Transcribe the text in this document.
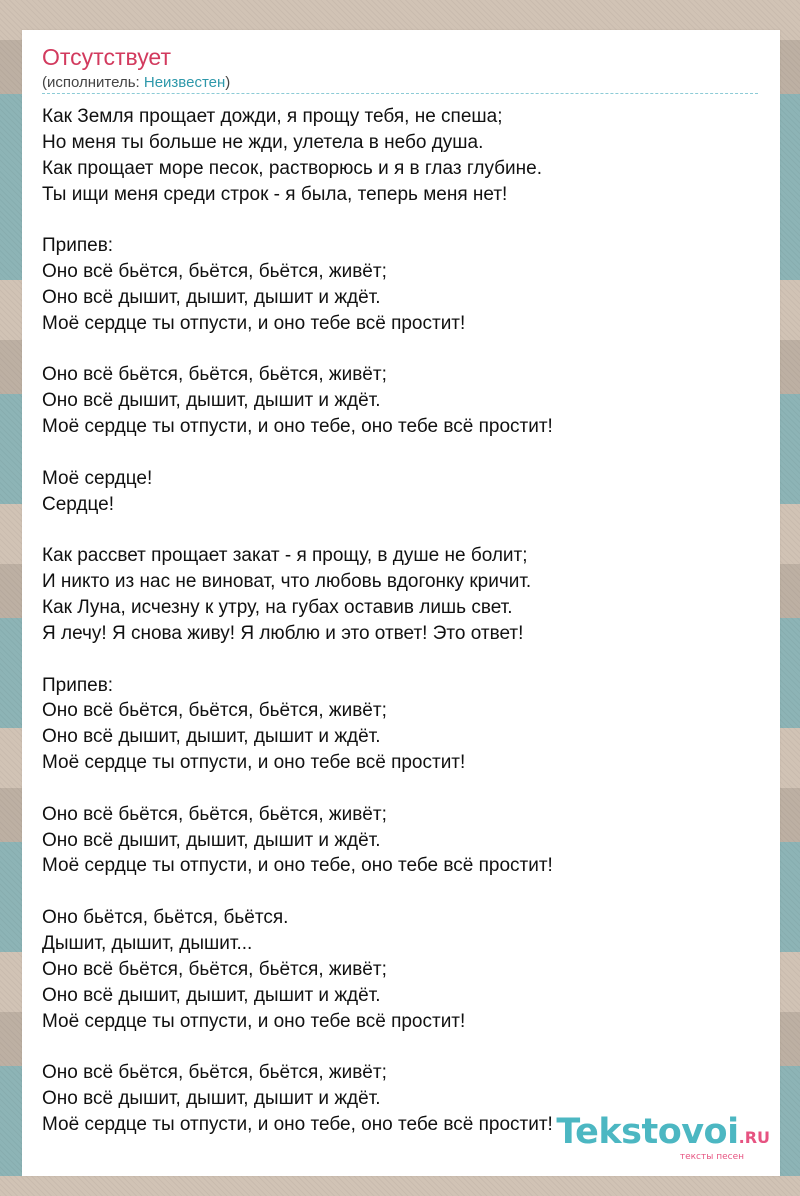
Отсутствует
(исполнитель: Неизвестен)
Как Земля прощает дожди, я прощу тебя, не спеша;
Но меня ты больше не жди, улетела в небо душа.
Как прощает море песок, растворюсь и я в глаз глубине.
Ты ищи меня среди строк - я была, теперь меня нет!
Припев:
Оно всё бьётся, бьётся, бьётся, живёт;
Оно всё дышит, дышит, дышит и ждёт.
Моё сердце ты отпусти, и оно тебе всё простит!
Оно всё бьётся, бьётся, бьётся, живёт;
Оно всё дышит, дышит, дышит и ждёт.
Моё сердце ты отпусти, и оно тебе, оно тебе всё простит!
Моё сердце!
Сердце!
Как рассвет прощает закат - я прощу, в душе не болит;
И никто из нас не виноват, что любовь вдогонку кричит.
Как Луна, исчезну к утру, на губах оставив лишь свет.
Я лечу! Я снова живу! Я люблю и это ответ! Это ответ!
Припев:
Оно всё бьётся, бьётся, бьётся, живёт;
Оно всё дышит, дышит, дышит и ждёт.
Моё сердце ты отпусти, и оно тебе всё простит!
Оно всё бьётся, бьётся, бьётся, живёт;
Оно всё дышит, дышит, дышит и ждёт.
Моё сердце ты отпусти, и оно тебе, оно тебе всё простит!
Оно бьётся, бьётся, бьётся.
Дышит, дышит, дышит...
Оно всё бьётся, бьётся, бьётся, живёт;
Оно всё дышит, дышит, дышит и ждёт.
Моё сердце ты отпусти, и оно тебе всё простит!
Оно всё бьётся, бьётся, бьётся, живёт;
Оно всё дышит, дышит, дышит и ждёт.
Моё сердце ты отпусти, и оно тебе, оно тебе всё простит! Tekstovoi.RU
тексты песен
